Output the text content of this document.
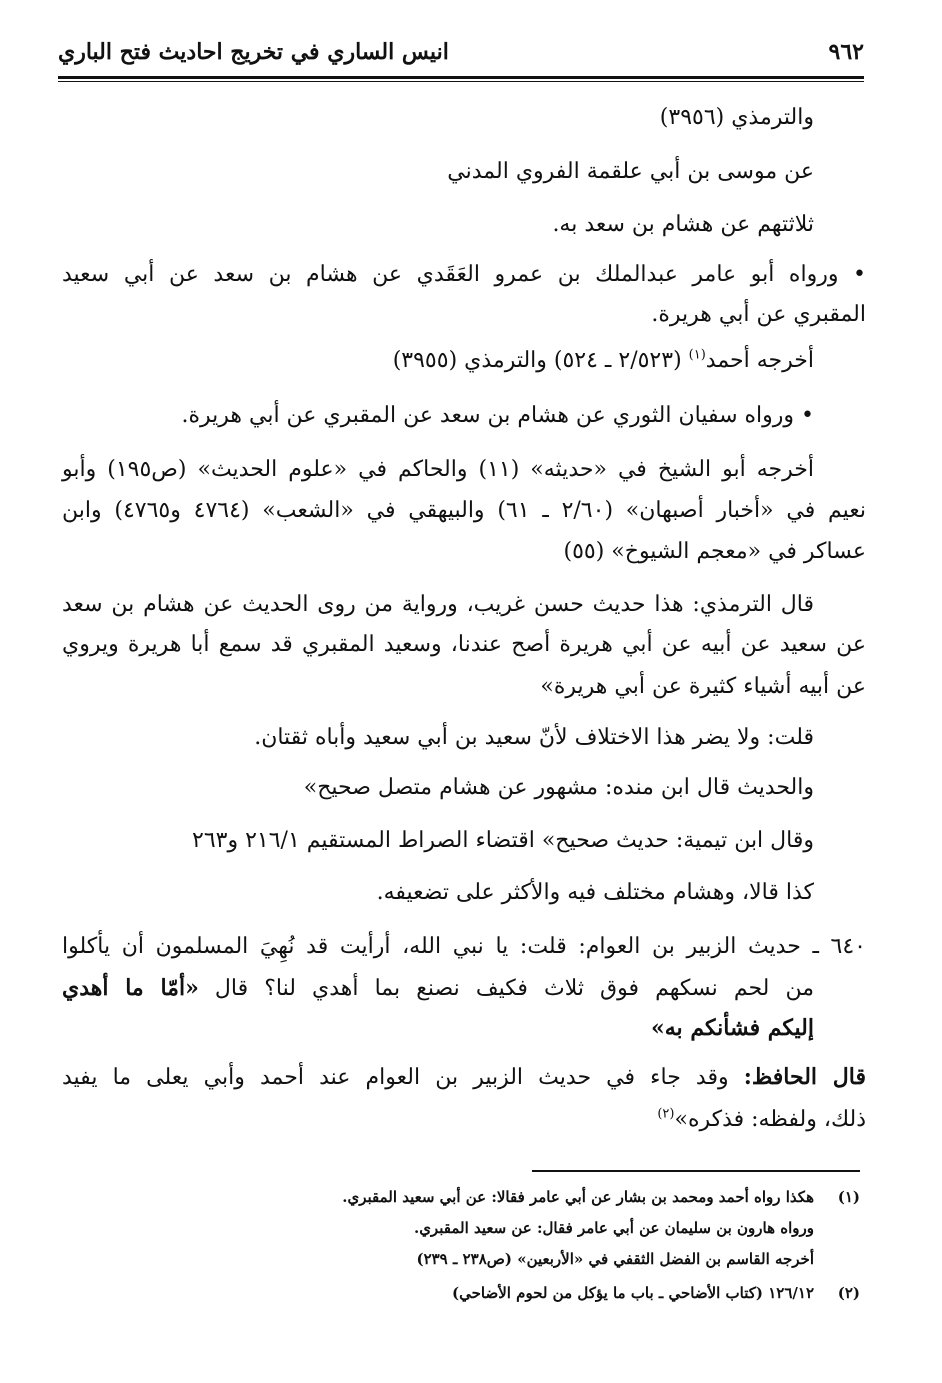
٩٦٢
انيس الساري في تخريج احاديث فتح الباري
والترمذي (٣٩٥٦)
عن موسى بن أبي علقمة الفروي المدني
ثلاثتهم عن هشام بن سعد به.
• ورواه أبو عامر عبدالملك بن عمرو العَقَدي عن هشام بن سعد عن أبي سعيد
المقبري عن أبي هريرة.
أخرجه أحمد$^{(١)}$ (٢/٥٢٣ ـ ٥٢٤) والترمذي (٣٩٥٥)
• ورواه سفيان الثوري عن هشام بن سعد عن المقبري عن أبي هريرة.
أخرجه أبو الشيخ في «حديثه» (١١) والحاكم في «علوم الحديث» (ص١٩٥) وأبو
نعيم في «أخبار أصبهان» (٢/٦٠ ـ ٦١) والبيهقي في «الشعب» (٤٧٦٤ و٤٧٦٥) وابن
عساكر في «معجم الشيوخ» (٥٥)
قال الترمذي: هذا حديث حسن غريب، ورواية من روى الحديث عن هشام بن سعد
عن سعيد عن أبيه عن أبي هريرة أصح عندنا، وسعيد المقبري قد سمع أبا هريرة ويروي
عن أبيه أشياء كثيرة عن أبي هريرة»
قلت: ولا يضر هذا الاختلاف لأنّ سعيد بن أبي سعيد وأباه ثقتان.
والحديث قال ابن منده: مشهور عن هشام متصل صحيح»
وقال ابن تيمية: حديث صحيح» اقتضاء الصراط المستقيم ٢١٦/١ و٢٦٣
كذا قالا، وهشام مختلف فيه والأكثر على تضعيفه.
٦٤٠ ـ حديث الزبير بن العوام: قلت: يا نبي الله، أرأيت قد نُهِيَ المسلمون أن يأكلوا
من لحم نسكهم فوق ثلاث فكيف نصنع بما أهدي لنا؟ قال «أمّا ما أهدي
إليكم فشأنكم به»
قال الحافظ: وقد جاء في حديث الزبير بن العوام عند أحمد وأبي يعلى ما يفيد
ذلك، ولفظه: فذكره»$^{(٢)}$
(١)
هكذا رواه أحمد ومحمد بن بشار عن أبي عامر فقالا: عن أبي سعيد المقبري.
ورواه هارون بن سليمان عن أبي عامر فقال: عن سعيد المقبري.
أخرجه القاسم بن الفضل الثقفي في «الأربعين» (ص٢٣٨ ـ ٢٣٩)
(٢)
١٢٦/١٢ (كتاب الأضاحي ـ باب ما يؤكل من لحوم الأضاحي)
